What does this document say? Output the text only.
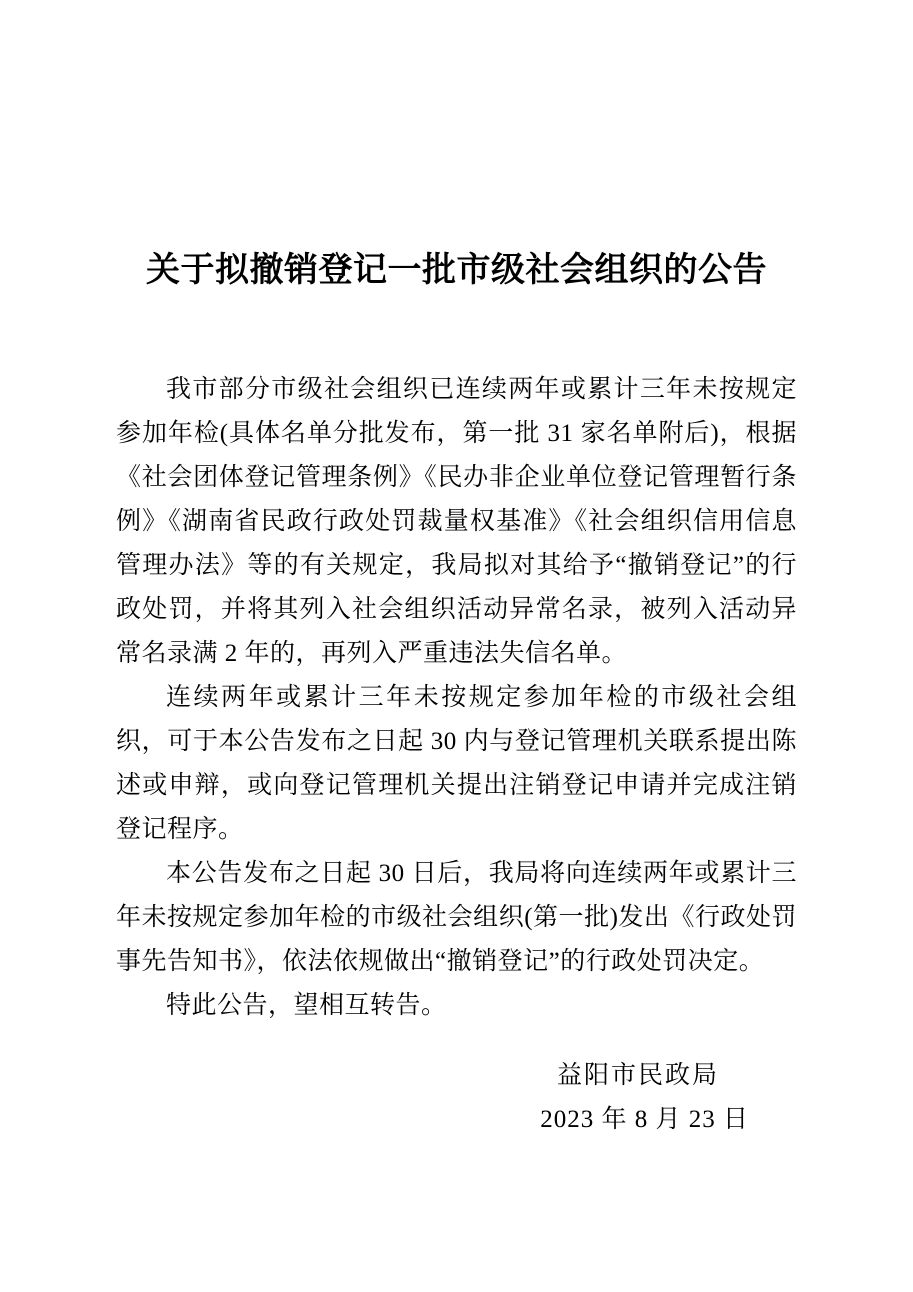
关于拟撤销登记一批市级社会组织的公告

我市部分市级社会组织已连续两年或累计三年未按规定参加年检(具体名单分批发布，第一批 31 家名单附后)，根据《社会团体登记管理条例》《民办非企业单位登记管理暂行条例》《湖南省民政行政处罚裁量权基准》《社会组织信用信息管理办法》等的有关规定，我局拟对其给予“撤销登记”的行政处罚，并将其列入社会组织活动异常名录，被列入活动异常名录满 2 年的，再列入严重违法失信名单。

连续两年或累计三年未按规定参加年检的市级社会组织，可于本公告发布之日起 30 内与登记管理机关联系提出陈述或申辩，或向登记管理机关提出注销登记申请并完成注销登记程序。

本公告发布之日起 30 日后，我局将向连续两年或累计三年未按规定参加年检的市级社会组织(第一批)发出《行政处罚事先告知书》，依法依规做出“撤销登记”的行政处罚决定。

特此公告，望相互转告。

益阳市民政局

2023 年 8 月 23 日
